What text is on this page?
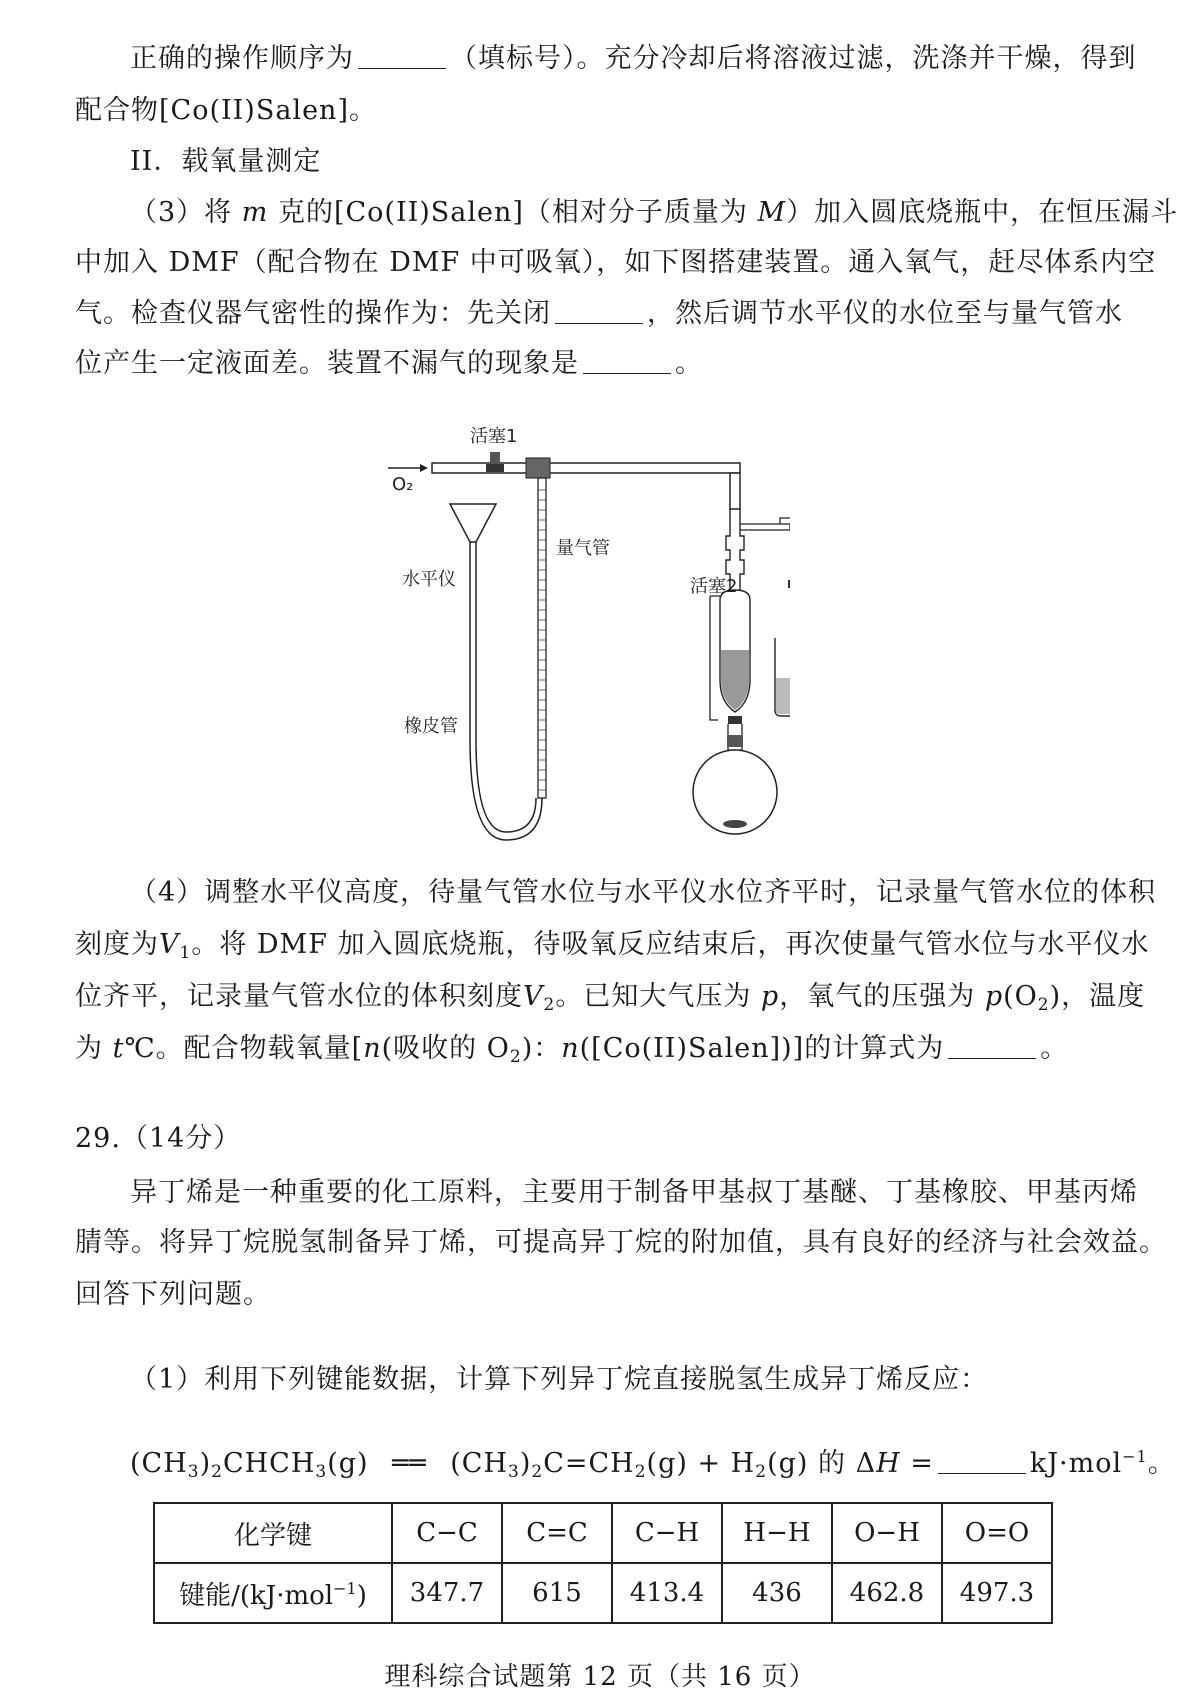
正确的操作顺序为	（填标号）。充分冷却后将溶液过滤，洗涤并干燥，得到
配合物[Co(II)Salen]。
II．载氧量测定
（3）将 m 克的[Co(II)Salen]（相对分子质量为 M）加入圆底烧瓶中，在恒压漏斗
中加入 DMF（配合物在 DMF 中可吸氧），如下图搭建装置。通入氧气，赶尽体系内空
气。检查仪器气密性的操作为：先关闭	，然后调节水平仪的水位至与量气管水
位产生一定液面差。装置不漏气的现象是	。
活塞1
O₂
量气管
水平仪
橡皮管
活塞2
（4）调整水平仪高度，待量气管水位与水平仪水位齐平时，记录量气管水位的体积
刻度为$V_1$。将 DMF 加入圆底烧瓶，待吸氧反应结束后，再次使量气管水位与水平仪水
位齐平，记录量气管水位的体积刻度$V_2$。已知大气压为 p，氧气的压强为 $p(O_2)$，温度
为 t℃。配合物载氧量[n(吸收的 $O_2$)：n([Co(II)Salen])]的计算式为	。
29.（14分）
异丁烯是一种重要的化工原料，主要用于制备甲基叔丁基醚、丁基橡胶、甲基丙烯
腈等。将异丁烷脱氢制备异丁烯，可提高异丁烷的附加值，具有良好的经济与社会效益。
回答下列问题。
（1）利用下列键能数据，计算下列异丁烷直接脱氢生成异丁烯反应：
$(CH_3)_2CHCH_3(g)$ ══ $(CH_3)_2C=CH_2(g) + H_2(g)$ 的 ΔH =	kJ·mol$^{-1}$。
化学键	C−C	C=C	C−H	H−H	O−H	O=O
键能/(kJ·mol$^{-1}$)	347.7	615	413.4	436	462.8	497.3
理科综合试题第 12 页（共 16 页）
